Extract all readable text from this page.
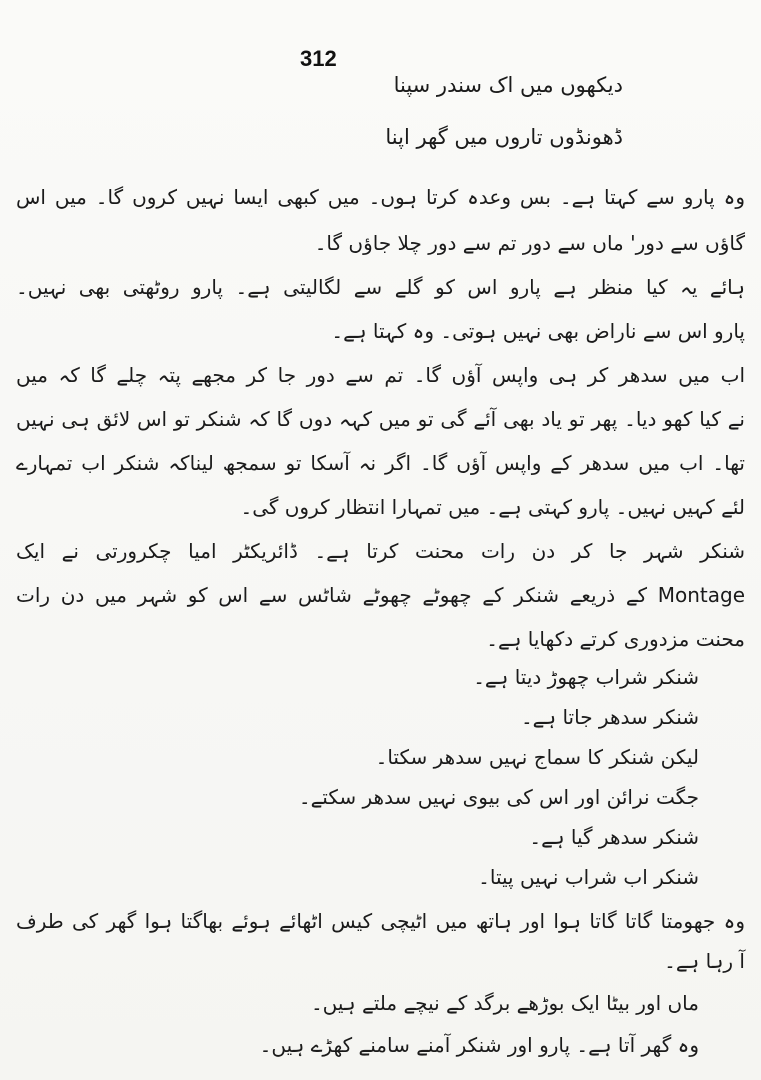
312
دیکھوں میں اک سندر سپنا
ڈھونڈوں تاروں میں گھر اپنا
وہ پارو سے کہتا ہے۔ بس وعدہ کرتا ہوں۔ میں کبھی ایسا نہیں کروں گا۔ میں اس
گاؤں سے دور' ماں سے دور تم سے دور چلا جاؤں گا۔
ہائے یہ کیا منظر ہے پارو اس کو گلے سے لگالیتی ہے۔ پارو روٹھتی بھی نہیں۔
پارو اس سے ناراض بھی نہیں ہوتی۔ وہ کہتا ہے۔
اب میں سدھر کر ہی واپس آؤں گا۔ تم سے دور جا کر مجھے پتہ چلے گا کہ میں
نے کیا کھو دیا۔ پھر تو یاد بھی آئے گی تو میں کہہ دوں گا کہ شنکر تو اس لائق ہی نہیں
تھا۔ اب میں سدھر کے واپس آؤں گا۔ اگر نہ آسکا تو سمجھ لیناکہ شنکر اب تمہارے
لئے کہیں نہیں۔ پارو کہتی ہے۔ میں تمہارا انتظار کروں گی۔
شنکر شہر جا کر دن رات محنت کرتا ہے۔ ڈائریکٹر امیا چکرورتی نے ایک
Montage کے ذریعے شنکر کے چھوٹے چھوٹے شاٹس سے اس کو شہر میں دن رات
محنت مزدوری کرتے دکھایا ہے۔
شنکر شراب چھوڑ دیتا ہے۔
شنکر سدھر جاتا ہے۔
لیکن شنکر کا سماج نہیں سدھر سکتا۔
جگت نرائن اور اس کی بیوی نہیں سدھر سکتے۔
شنکر سدھر گیا ہے۔
شنکر اب شراب نہیں پیتا۔
وہ جھومتا گاتا گاتا ہوا اور ہاتھ میں اٹیچی کیس اٹھائے ہوئے بھاگتا ہوا گھر کی طرف
آ رہا ہے۔
ماں اور بیٹا ایک بوڑھے برگد کے نیچے ملتے ہیں۔
وہ گھر آتا ہے۔ پارو اور شنکر آمنے سامنے کھڑے ہیں۔
